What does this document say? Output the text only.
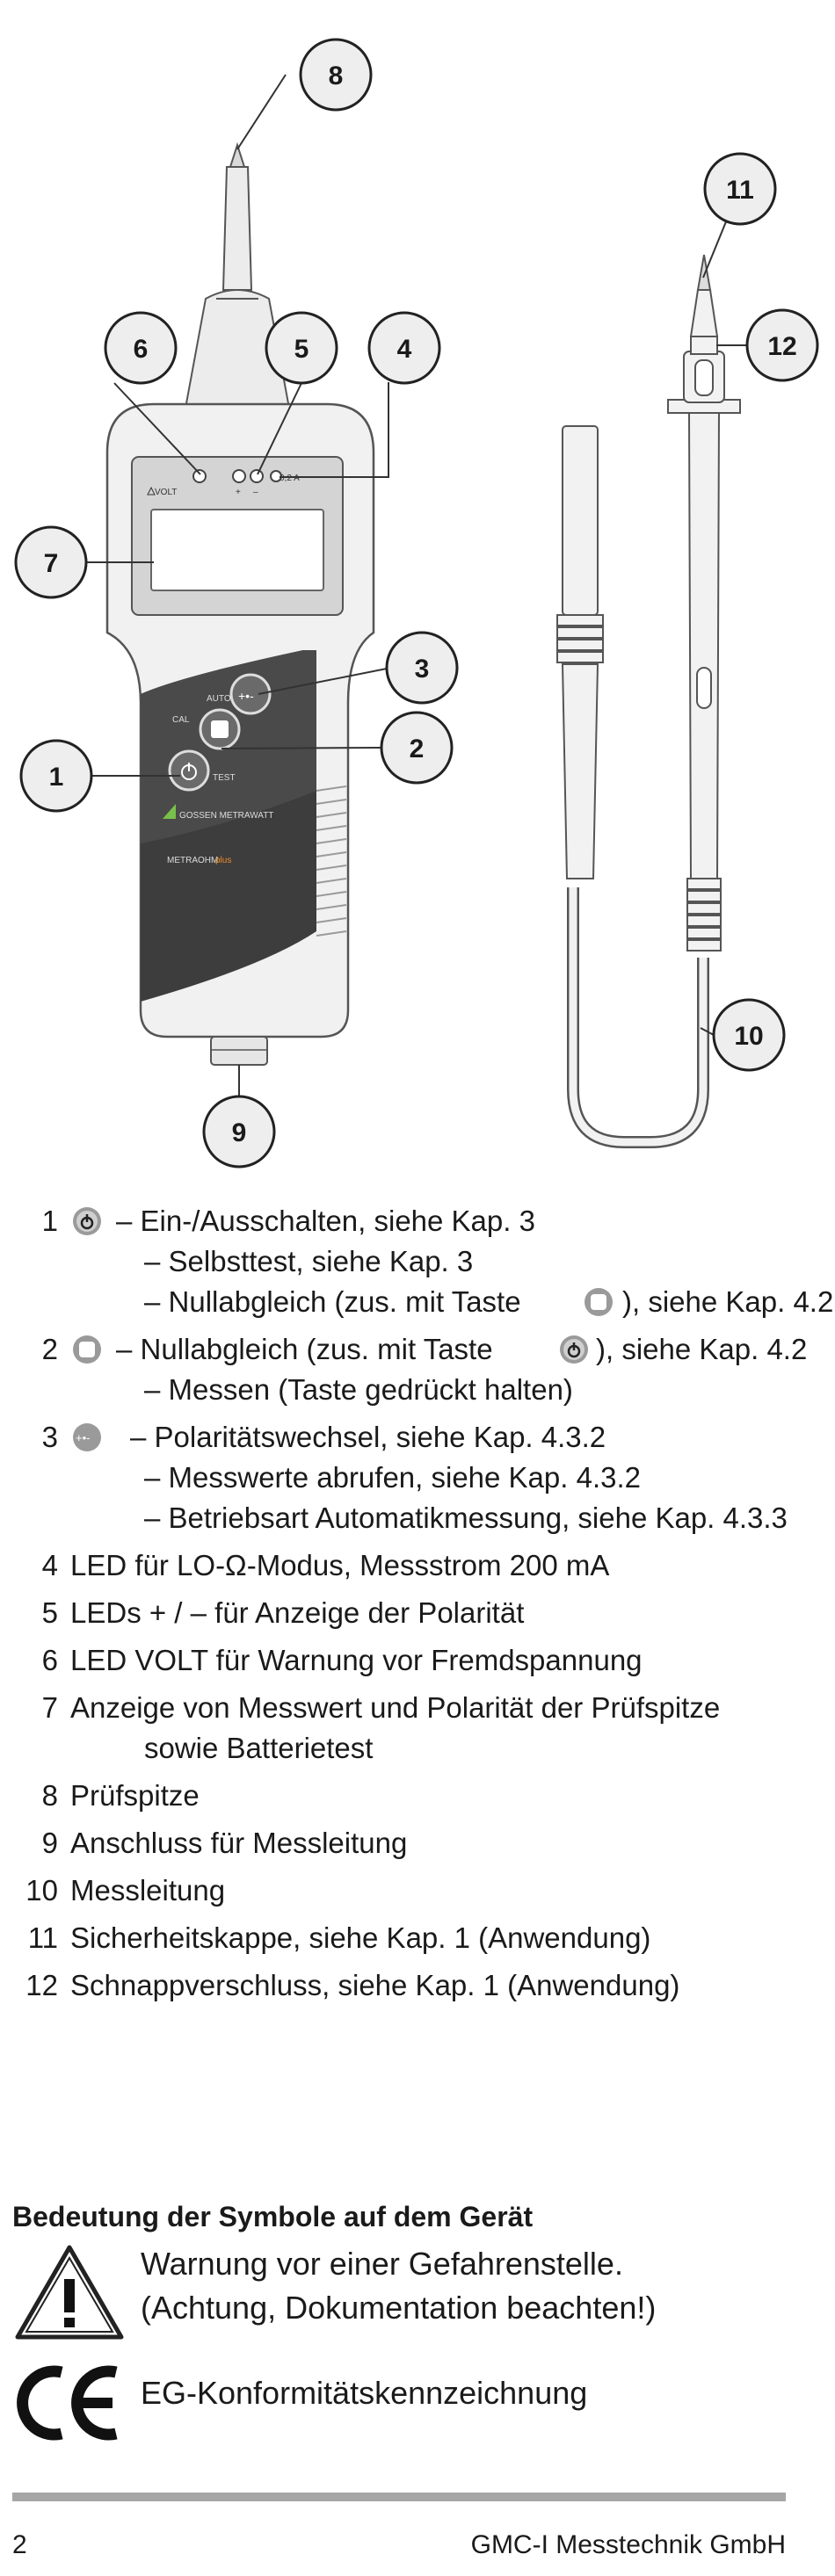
VOLT	+ –
0,2 A
+•-
AUTO
CAL
TEST
GOSSEN METRAWATT
METRAOHM
plus
8
6	5	4
7
3
2
1
9
10
11
12
1 – Ein-/Ausschalten, siehe Kap. 3
– Selbsttest, siehe Kap. 3
– Nullabgleich (zus. mit Taste	), siehe Kap. 4.2
2 – Nullabgleich (zus. mit Taste	), siehe Kap. 4.2
– Messen (Taste gedrückt halten)
3 +•- – Polaritätswechsel, siehe Kap. 4.3.2
– Messwerte abrufen, siehe Kap. 4.3.2
– Betriebsart Automatikmessung, siehe Kap. 4.3.3
4 LED für LO-Ω-Modus, Messstrom 200 mA
5 LEDs + / – für Anzeige der Polarität
6 LED VOLT für Warnung vor Fremdspannung
7 Anzeige von Messwert und Polarität der Prüfspitze
sowie Batterietest
8 Prüfspitze
9 Anschluss für Messleitung
10 Messleitung
11 Sicherheitskappe, siehe Kap. 1 (Anwendung)
12 Schnappverschluss, siehe Kap. 1 (Anwendung)
Bedeutung der Symbole auf dem Gerät
Warnung vor einer Gefahrenstelle.
(Achtung, Dokumentation beachten!)
EG-Konformitätskennzeichnung
2	GMC-I Messtechnik GmbH
